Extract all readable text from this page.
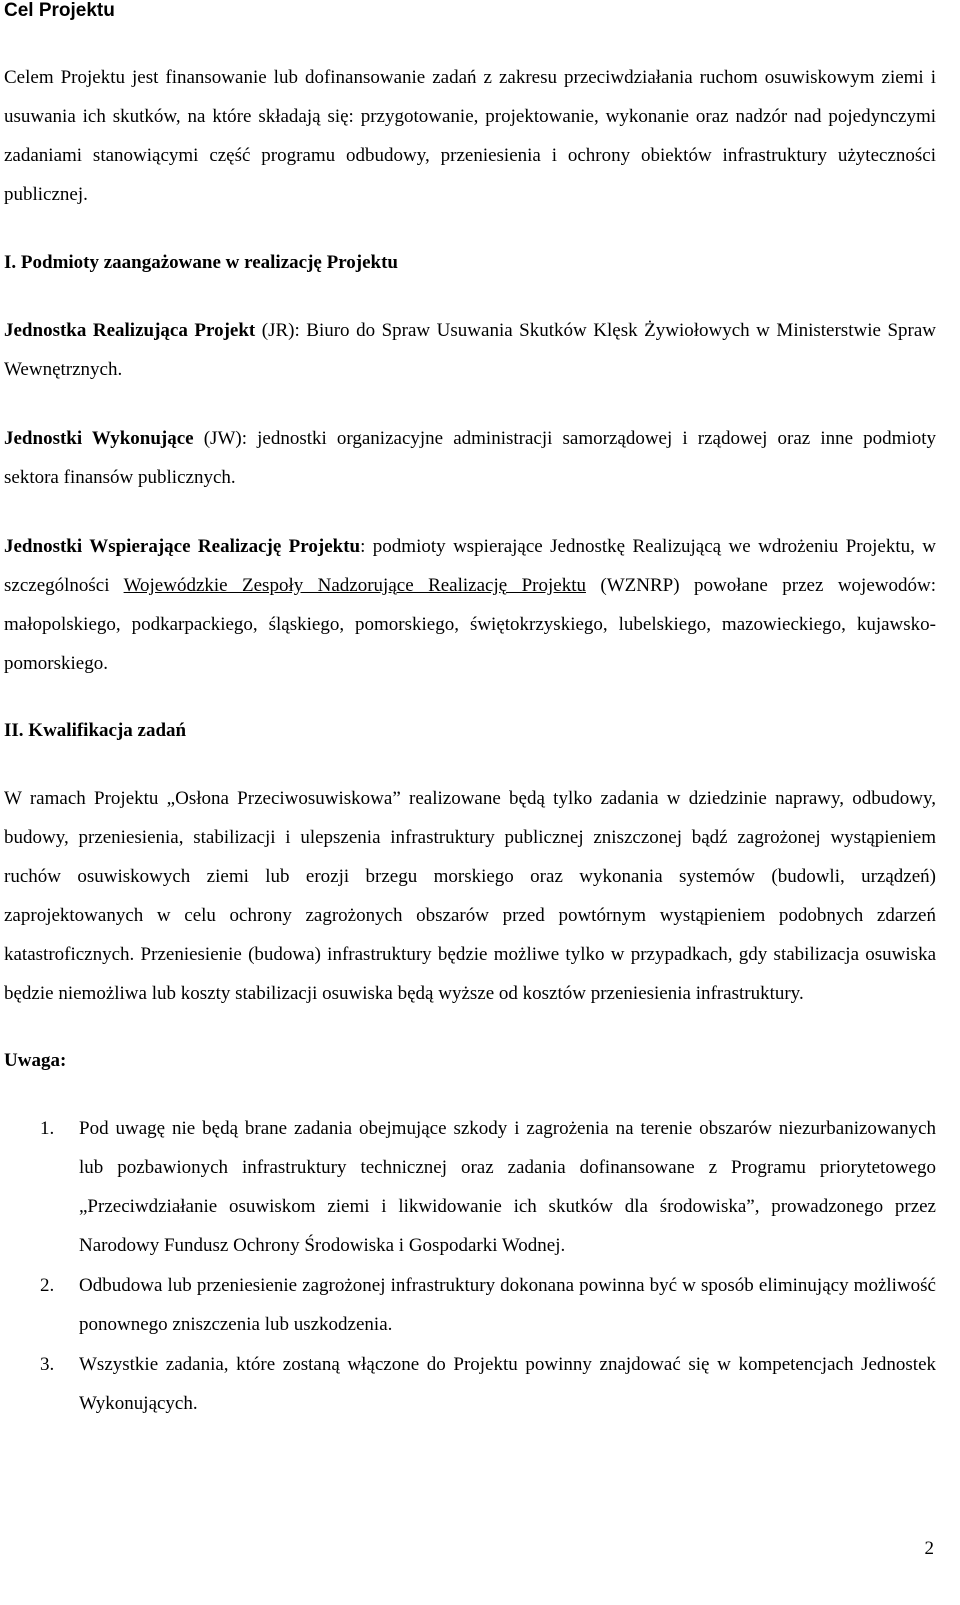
Cel Projektu

Celem Projektu jest finansowanie lub dofinansowanie zadań z zakresu przeciwdziałania ruchom osuwiskowym ziemi i usuwania ich skutków, na które składają się: przygotowanie, projektowanie, wykonanie oraz nadzór nad pojedynczymi zadaniami stanowiącymi część programu odbudowy, przeniesienia i ochrony obiektów infrastruktury użyteczności publicznej.

I. Podmioty zaangażowane w realizację Projektu

Jednostka Realizująca Projekt (JR): Biuro do Spraw Usuwania Skutków Klęsk Żywiołowych w Ministerstwie Spraw Wewnętrznych.

Jednostki Wykonujące (JW): jednostki organizacyjne administracji samorządowej i rządowej oraz inne podmioty sektora finansów publicznych.

Jednostki Wspierające Realizację Projektu: podmioty wspierające Jednostkę Realizującą we wdrożeniu Projektu, w szczególności Wojewódzkie Zespoły Nadzorujące Realizację Projektu (WZNRP) powołane przez wojewodów: małopolskiego, podkarpackiego, śląskiego, pomorskiego, świętokrzyskiego, lubelskiego, mazowieckiego, kujawsko-pomorskiego.

II. Kwalifikacja zadań

W ramach Projektu „Osłona Przeciwosuwiskowa” realizowane będą tylko zadania w dziedzinie naprawy, odbudowy, budowy, przeniesienia, stabilizacji i ulepszenia infrastruktury publicznej zniszczonej bądź zagrożonej wystąpieniem ruchów osuwiskowych ziemi lub erozji brzegu morskiego oraz wykonania systemów (budowli, urządzeń) zaprojektowanych w celu ochrony zagrożonych obszarów przed powtórnym wystąpieniem podobnych zdarzeń katastroficznych. Przeniesienie (budowa) infrastruktury będzie możliwe tylko w przypadkach, gdy stabilizacja osuwiska będzie niemożliwa lub koszty stabilizacji osuwiska będą wyższe od kosztów przeniesienia infrastruktury.

Uwaga:
1. Pod uwagę nie będą brane zadania obejmujące szkody i zagrożenia na terenie obszarów niezurbanizowanych lub pozbawionych infrastruktury technicznej oraz zadania dofinansowane z Programu priorytetowego „Przeciwdziałanie osuwiskom ziemi i likwidowanie ich skutków dla środowiska”, prowadzonego przez Narodowy Fundusz Ochrony Środowiska i Gospodarki Wodnej.
2. Odbudowa lub przeniesienie zagrożonej infrastruktury dokonana powinna być w sposób eliminujący możliwość ponownego zniszczenia lub uszkodzenia.
3. Wszystkie zadania, które zostaną włączone do Projektu powinny znajdować się w kompetencjach Jednostek Wykonujących.
2
